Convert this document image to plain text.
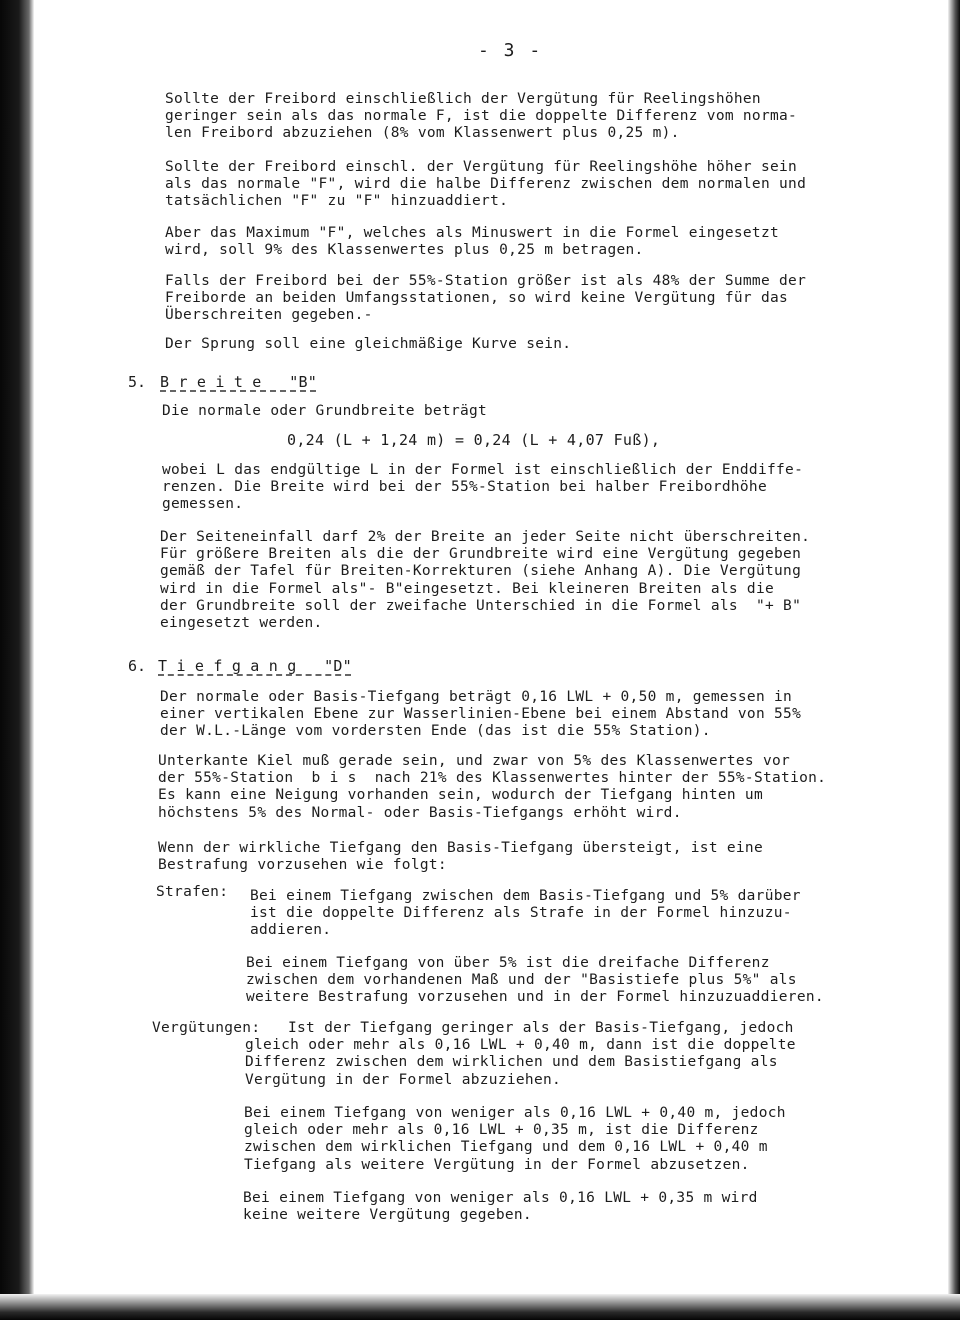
- 3 -

Sollte der Freibord einschließlich der Vergütung für Reelingshöhen
geringer sein als das normale F, ist die doppelte Differenz vom norma-
len Freibord abzuziehen (8% vom Klassenwert plus 0,25 m).

Sollte der Freibord einschl. der Vergütung für Reelingshöhe höher sein
als das normale "F", wird die halbe Differenz zwischen dem normalen und
tatsächlichen "F" zu "F" hinzuaddiert.

Aber das Maximum "F", welches als Minuswert in die Formel eingesetzt
wird, soll 9% des Klassenwertes plus 0,25 m betragen.

Falls der Freibord bei der 55%-Station größer ist als 48% der Summe der
Freiborde an beiden Umfangsstationen, so wird keine Vergütung für das
Überschreiten gegeben.-

Der Sprung soll eine gleichmäßige Kurve sein.

5. B r e i t e   "B"

Die normale oder Grundbreite beträgt

0,24 (L + 1,24 m) = 0,24 (L + 4,07 Fuß),

wobei L das endgültige L in der Formel ist einschließlich der Enddiffe-
renzen. Die Breite wird bei der 55%-Station bei halber Freibordhöhe
gemessen.

Der Seiteneinfall darf 2% der Breite an jeder Seite nicht überschreiten.
Für größere Breiten als die der Grundbreite wird eine Vergütung gegeben
gemäß der Tafel für Breiten-Korrekturen (siehe Anhang A). Die Vergütung
wird in die Formel als"- B"eingesetzt. Bei kleineren Breiten als die
der Grundbreite soll der zweifache Unterschied in die Formel als  "+ B"
eingesetzt werden.

6. T i e f g a n g   "D"

Der normale oder Basis-Tiefgang beträgt 0,16 LWL + 0,50 m, gemessen in
einer vertikalen Ebene zur Wasserlinien-Ebene bei einem Abstand von 55%
der W.L.-Länge vom vordersten Ende (das ist die 55% Station).

Unterkante Kiel muß gerade sein, und zwar von 5% des Klassenwertes vor
der 55%-Station  b i s  nach 21% des Klassenwertes hinter der 55%-Station.
Es kann eine Neigung vorhanden sein, wodurch der Tiefgang hinten um
höchstens 5% des Normal- oder Basis-Tiefgangs erhöht wird.

Wenn der wirkliche Tiefgang den Basis-Tiefgang übersteigt, ist eine
Bestrafung vorzusehen wie folgt:

Strafen: Bei einem Tiefgang zwischen dem Basis-Tiefgang und 5% darüber
ist die doppelte Differenz als Strafe in der Formel hinzuzu-
addieren.

Bei einem Tiefgang von über 5% ist die dreifache Differenz
zwischen dem vorhandenen Maß und der "Basistiefe plus 5%" als
weitere Bestrafung vorzusehen und in der Formel hinzuzuaddieren.

Vergütungen: Ist der Tiefgang geringer als der Basis-Tiefgang, jedoch

gleich oder mehr als 0,16 LWL + 0,40 m, dann ist die doppelte
Differenz zwischen dem wirklichen und dem Basistiefgang als
Vergütung in der Formel abzuziehen.

Bei einem Tiefgang von weniger als 0,16 LWL + 0,40 m, jedoch
gleich oder mehr als 0,16 LWL + 0,35 m, ist die Differenz
zwischen dem wirklichen Tiefgang und dem 0,16 LWL + 0,40 m
Tiefgang als weitere Vergütung in der Formel abzusetzen.

Bei einem Tiefgang von weniger als 0,16 LWL + 0,35 m wird
keine weitere Vergütung gegeben.
